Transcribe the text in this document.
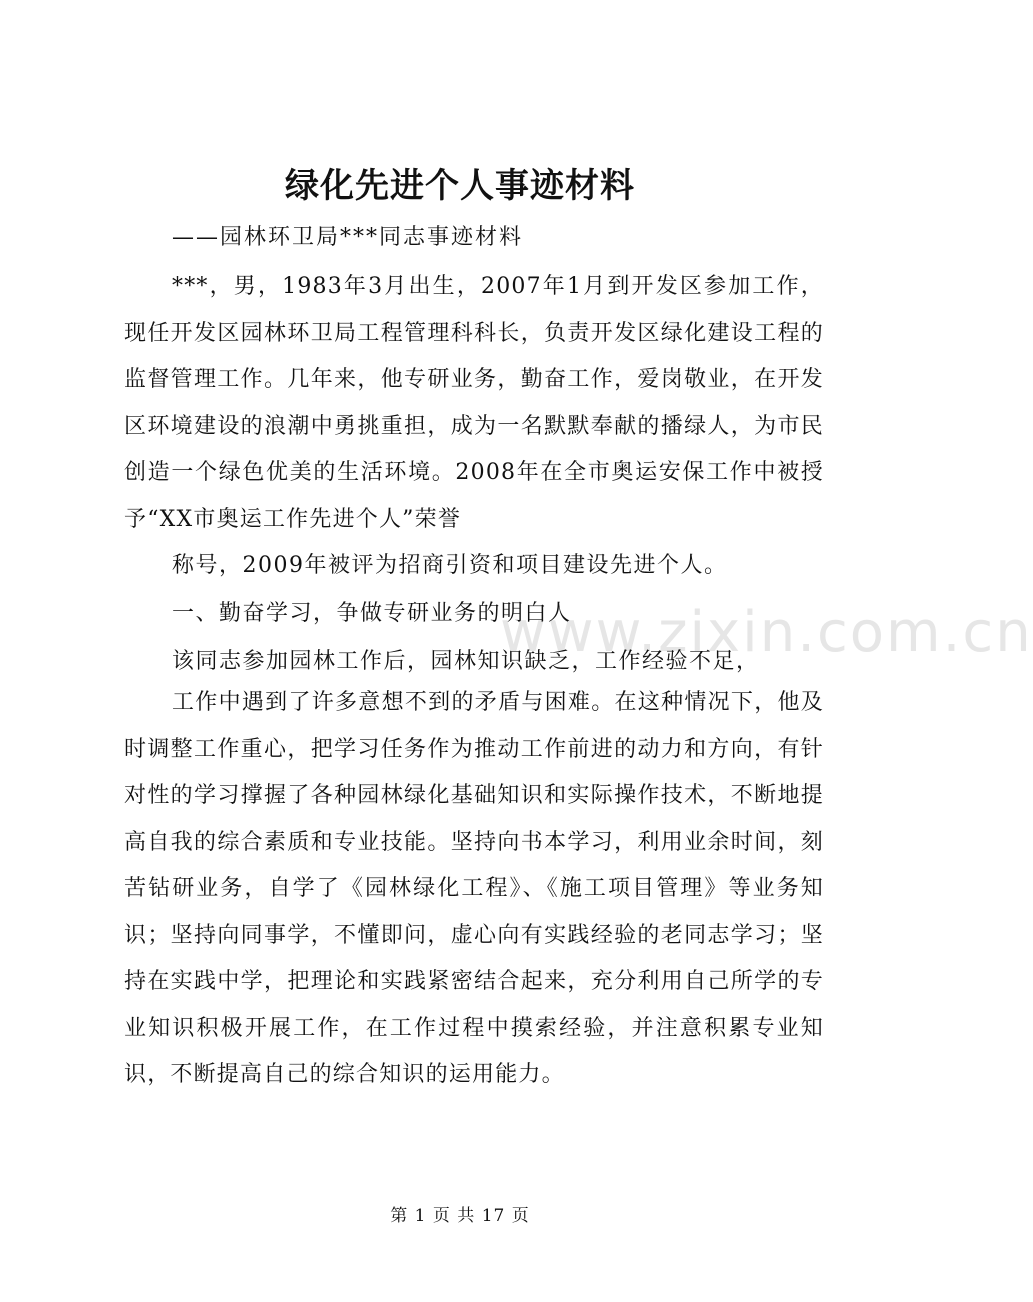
www.zixin.com.cn
绿化先进个人事迹材料
——园林环卫局***同志事迹材料

***，男，1983年3月出生，2007年1月到开发区参加工作，现任开发区园林环卫局工程管理科科长，负责开发区绿化建设工程的监督管理工作。几年来，他专研业务，勤奋工作，爱岗敬业，在开发区环境建设的浪潮中勇挑重担，成为一名默默奉献的播绿人，为市民创造一个绿色优美的生活环境。2008年在全市奥运安保工作中被授予“XX市奥运工作先进个人”荣誉

称号，2009年被评为招商引资和项目建设先进个人。

一、勤奋学习，争做专研业务的明白人

该同志参加园林工作后，园林知识缺乏，工作经验不足，

工作中遇到了许多意想不到的矛盾与困难。在这种情况下，他及时调整工作重心，把学习任务作为推动工作前进的动力和方向，有针对性的学习撑握了各种园林绿化基础知识和实际操作技术，不断地提高自我的综合素质和专业技能。坚持向书本学习，利用业余时间，刻苦钻研业务，自学了《园林绿化工程》、《施工项目管理》等业务知识；坚持向同事学，不懂即问，虚心向有实践经验的老同志学习；坚持在实践中学，把理论和实践紧密结合起来，充分利用自己所学的专业知识积极开展工作，在工作过程中摸索经验，并注意积累专业知识，不断提高自己的综合知识的运用能力。

第 1 页 共 17 页
